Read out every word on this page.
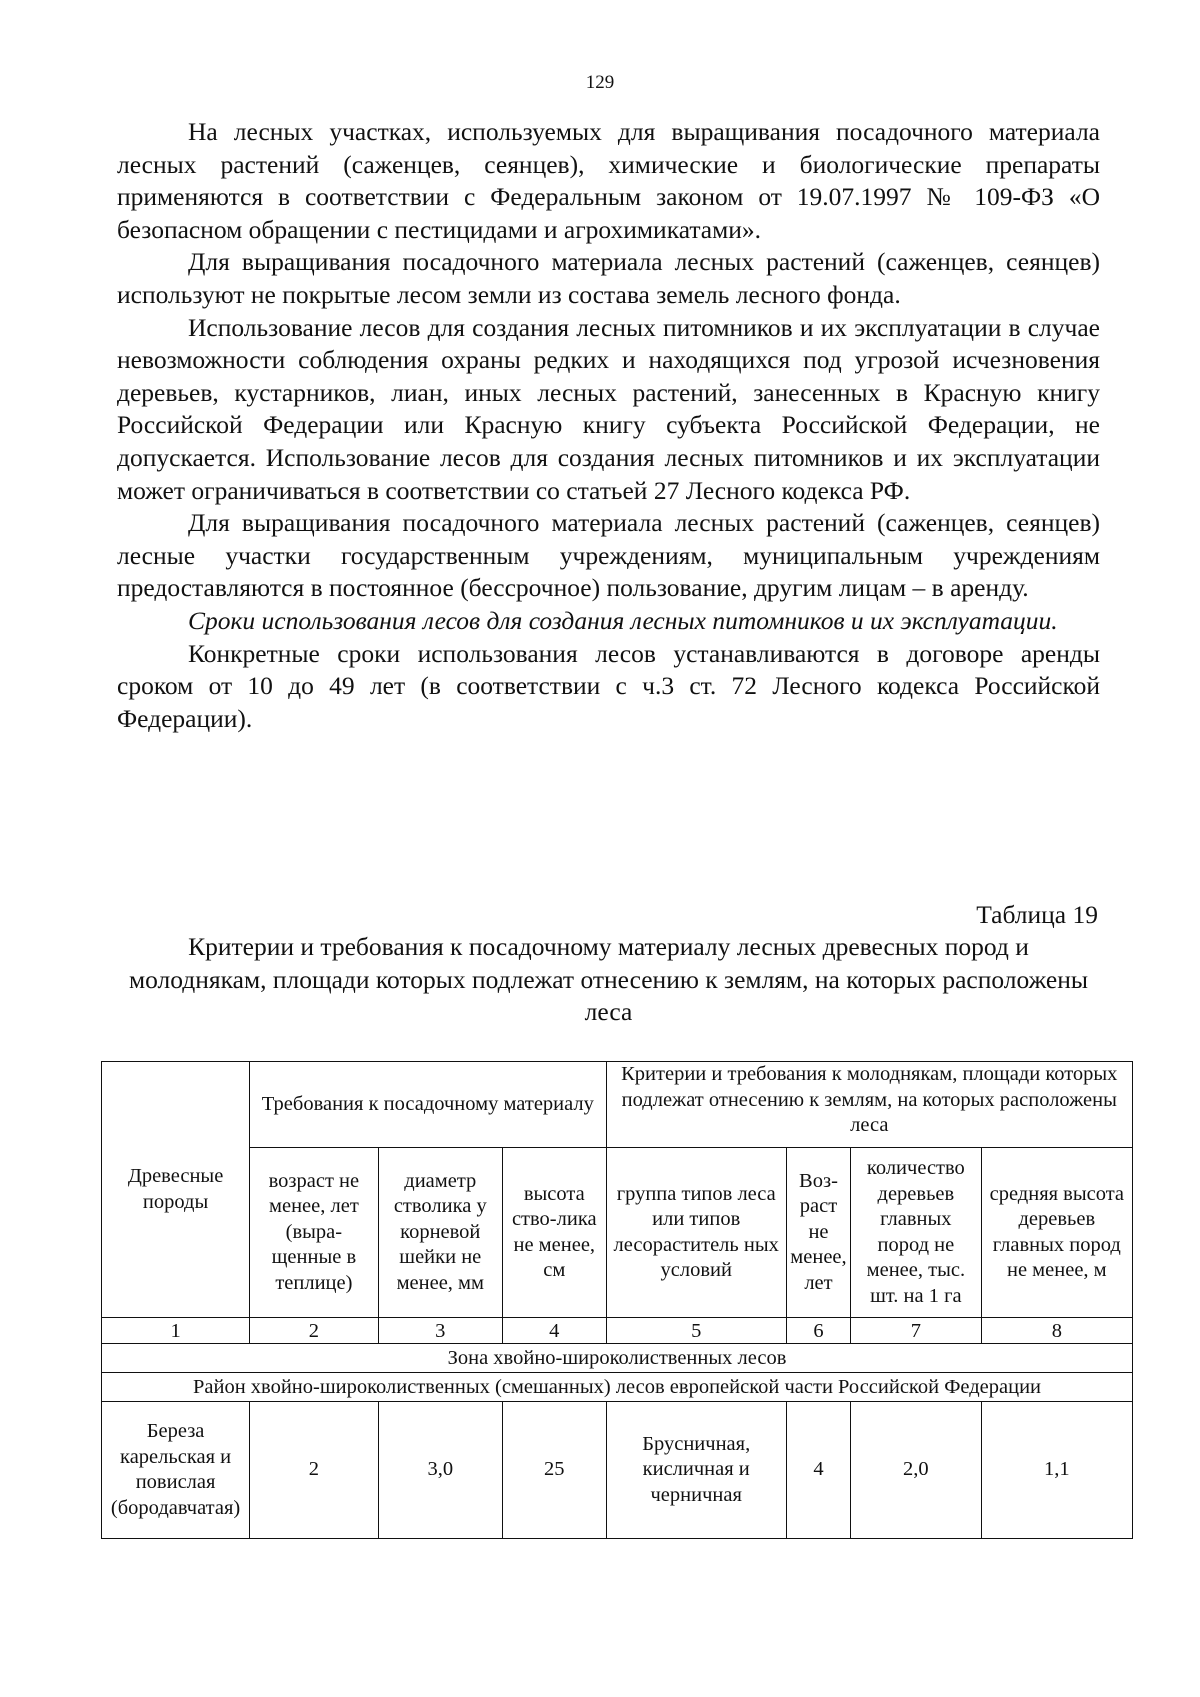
129

На лесных участках, используемых для выращивания посадочного материала лесных растений (саженцев, сеянцев), химические и биологические препараты применяются в соответствии с Федеральным законом от 19.07.1997 № 109-ФЗ «О безопасном обращении с пестицидами и агрохимикатами».

Для выращивания посадочного материала лесных растений (саженцев, сеянцев) используют не покрытые лесом земли из состава земель лесного фонда.

Использование лесов для создания лесных питомников и их эксплуатации в случае невозможности соблюдения охраны редких и находящихся под угрозой исчезновения деревьев, кустарников, лиан, иных лесных растений, занесенных в Красную книгу Российской Федерации или Красную книгу субъекта Российской Федерации, не допускается. Использование лесов для создания лесных питомников и их эксплуатации может ограничиваться в соответствии со статьей 27 Лесного кодекса РФ.

Для выращивания посадочного материала лесных растений (саженцев, сеянцев) лесные участки государственным учреждениям, муниципальным учреждениям предоставляются в постоянное (бессрочное) пользование, другим лицам – в аренду.

Сроки использования лесов для создания лесных питомников и их эксплуатации.

Конкретные сроки использования лесов устанавливаются в договоре аренды сроком от 10 до 49 лет (в соответствии с ч.3 ст. 72 Лесного кодекса Российской Федерации).

Таблица 19
Критерии и требования к посадочному материалу лесных древесных пород и молоднякам, площади которых подлежат отнесению к землям, на которых расположены леса
Древесные породы	Требования к посадочному материалу			Критерии и требования к молоднякам, площади которых подлежат отнесению к землям, на которых расположены леса			
	возраст не менее, лет (выра-щенные в теплице)	диаметр стволика у корневой шейки не менее, мм	высота ство-лика не менее, см	группа типов леса или типов лесораститель ных условий	Воз-раст не менее, лет	количество деревьев главных пород не менее, тыс. шт. на 1 га	средняя высота деревьев главных пород не менее, м
1	2	3	4	5	6	7	8
Зона хвойно-широколиственных лесов							
Район хвойно-широколиственных (смешанных) лесов европейской части Российской Федерации							
Береза карельская и повислая (бородавчатая)	2	3,0	25	Брусничная, кисличная и черничная	4	2,0	1,1
